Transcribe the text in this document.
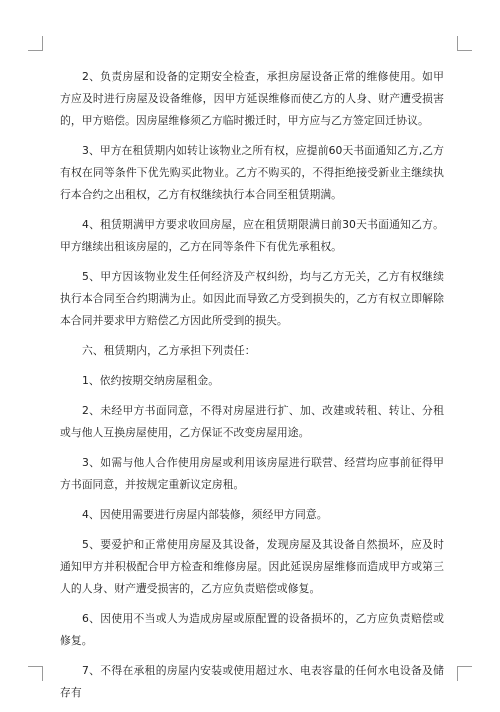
2、负责房屋和设备的定期安全检查，承担房屋设备正常的维修使用。如甲方应及时进行房屋及设备维修，因甲方延误维修而使乙方的人身、财产遭受损害的，甲方赔偿。因房屋维修须乙方临时搬迁时，甲方应与乙方签定回迁协议。

3、甲方在租赁期内如转让该物业之所有权，应提前60天书面通知乙方,乙方有权在同等条件下优先购买此物业。乙方不购买的，不得拒绝接受新业主继续执行本合约之出租权，乙方有权继续执行本合同至租赁期满。

4、租赁期满甲方要求收回房屋，应在租赁期限满日前30天书面通知乙方。甲方继续出租该房屋的，乙方在同等条件下有优先承租权。

5、甲方因该物业发生任何经济及产权纠纷，均与乙方无关，乙方有权继续执行本合同至合约期满为止。如因此而导致乙方受到损失的，乙方有权立即解除本合同并要求甲方赔偿乙方因此所受到的损失。

六、租赁期内，乙方承担下列责任：

1、依约按期交纳房屋租金。

2、未经甲方书面同意，不得对房屋进行扩、加、改建或转租、转让、分租或与他人互换房屋使用，乙方保证不改变房屋用途。

3、如需与他人合作使用房屋或利用该房屋进行联营、经营均应事前征得甲方书面同意，并按规定重新议定房租。

4、因使用需要进行房屋内部装修，须经甲方同意。

5、要爱护和正常使用房屋及其设备，发现房屋及其设备自然损坏，应及时通知甲方并积极配合甲方检查和维修房屋。因此延误房屋维修而造成甲方或第三人的人身、财产遭受损害的，乙方应负责赔偿或修复。

6、因使用不当或人为造成房屋或原配置的设备损坏的，乙方应负责赔偿或修复。

7、不得在承租的房屋内安装或使用超过水、电表容量的任何水电设备及储存有
